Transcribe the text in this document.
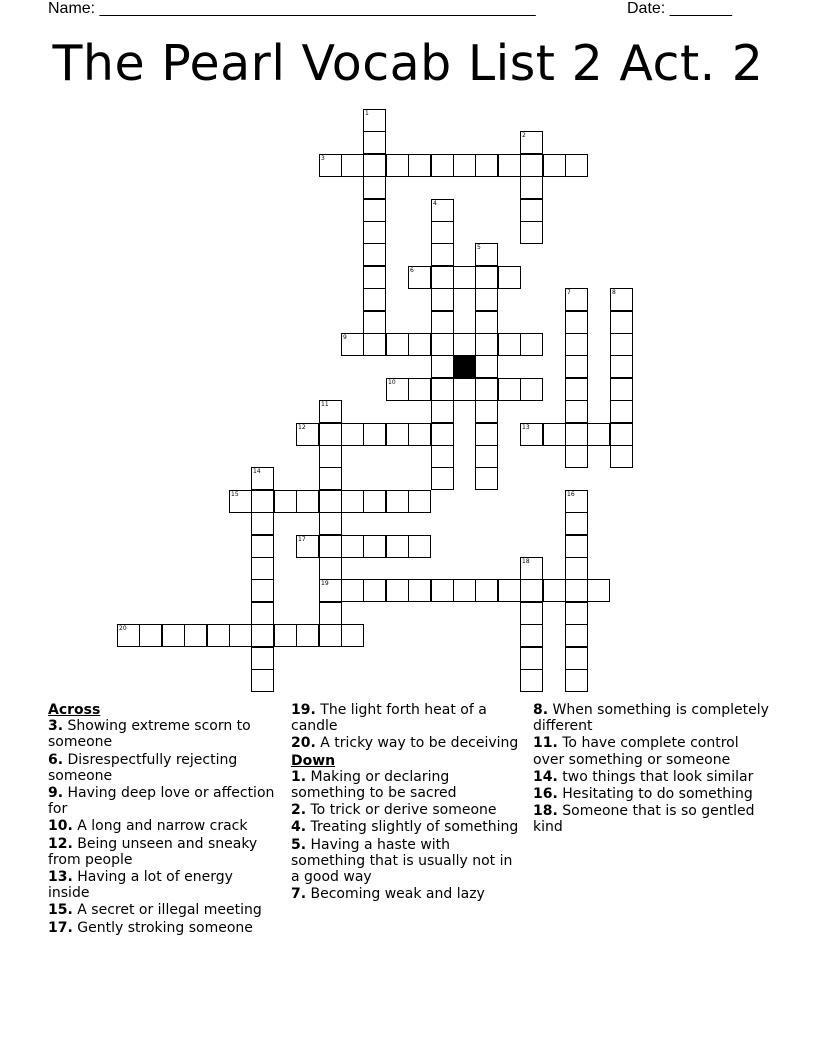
Name: _________________________________________________	Date: _______
The Pearl Vocab List 2 Act. 2
1
2
3
4
5
6
7	8
9
10
11
19
12	13
14
15	16
17
18
20
Across
3. Showing extreme scorn to someone
6. Disrespectfully rejecting someone
9. Having deep love or affection for
10. A long and narrow crack
12. Being unseen and sneaky from people
13. Having a lot of energy inside
15. A secret or illegal meeting
17. Gently stroking someone
19. The light forth heat of a candle
20. A tricky way to be deceiving
Down
1. Making or declaring something to be sacred
2. To trick or derive someone
4. Treating slightly of something
5. Having a haste with something that is usually not in a good way
7. Becoming weak and lazy
8. When something is completely different
11. To have complete control over something or someone
14. two things that look similar
16. Hesitating to do something
18. Someone that is so gentled kind
